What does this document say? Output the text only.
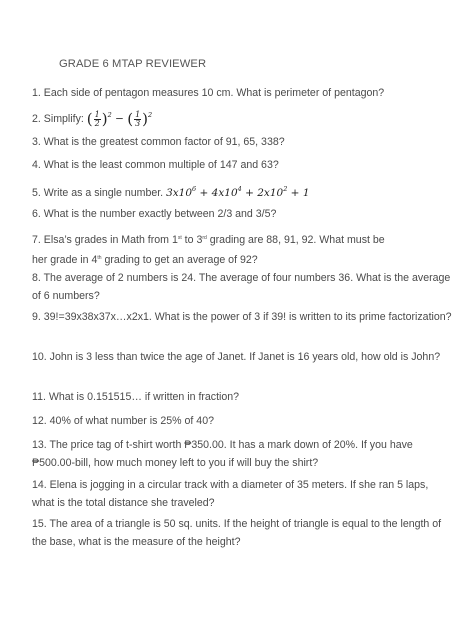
GRADE 6 MTAP REVIEWER
1. Each side of pentagon measures 10 cm. What is perimeter of pentagon?
2. Simplify: ( $\frac{1}{2} )^2$ − ( $\frac{1}{3} )^2$
3. What is the greatest common factor of 91, 65, 338?
4. What is the least common multiple of 147 and 63?
5. Write as a single number. $3x10^6 + 4x10^4 + 2x10^2 + 1$
6. What is the number exactly between 2/3 and 3/5?
7. Elsa’s grades in Math from 1st to 3rd grading are 88, 91, 92. What must be
her grade in 4th grading to get an average of 92?
8. The average of 2 numbers is 24. The average of four numbers 36. What is the average of 6 numbers?
9. 39!=39x38x37x…x2x1. What is the power of 3 if 39! is written to its prime factorization?
10. John is 3 less than twice the age of Janet. If Janet is 16 years old, how old is John?
11. What is 0.151515… if written in fraction?
12. 40% of what number is 25% of 40?
13. The price tag of t-shirt worth ₱350.00. It has a mark down of 20%. If you have ₱500.00-bill, how much money left to you if will buy the shirt?
14. Elena is jogging in a circular track with a diameter of 35 meters. If she ran 5 laps, what is the total distance she traveled?
15. The area of a triangle is 50 sq. units. If the height of triangle is equal to the length of the base, what is the measure of the height?
